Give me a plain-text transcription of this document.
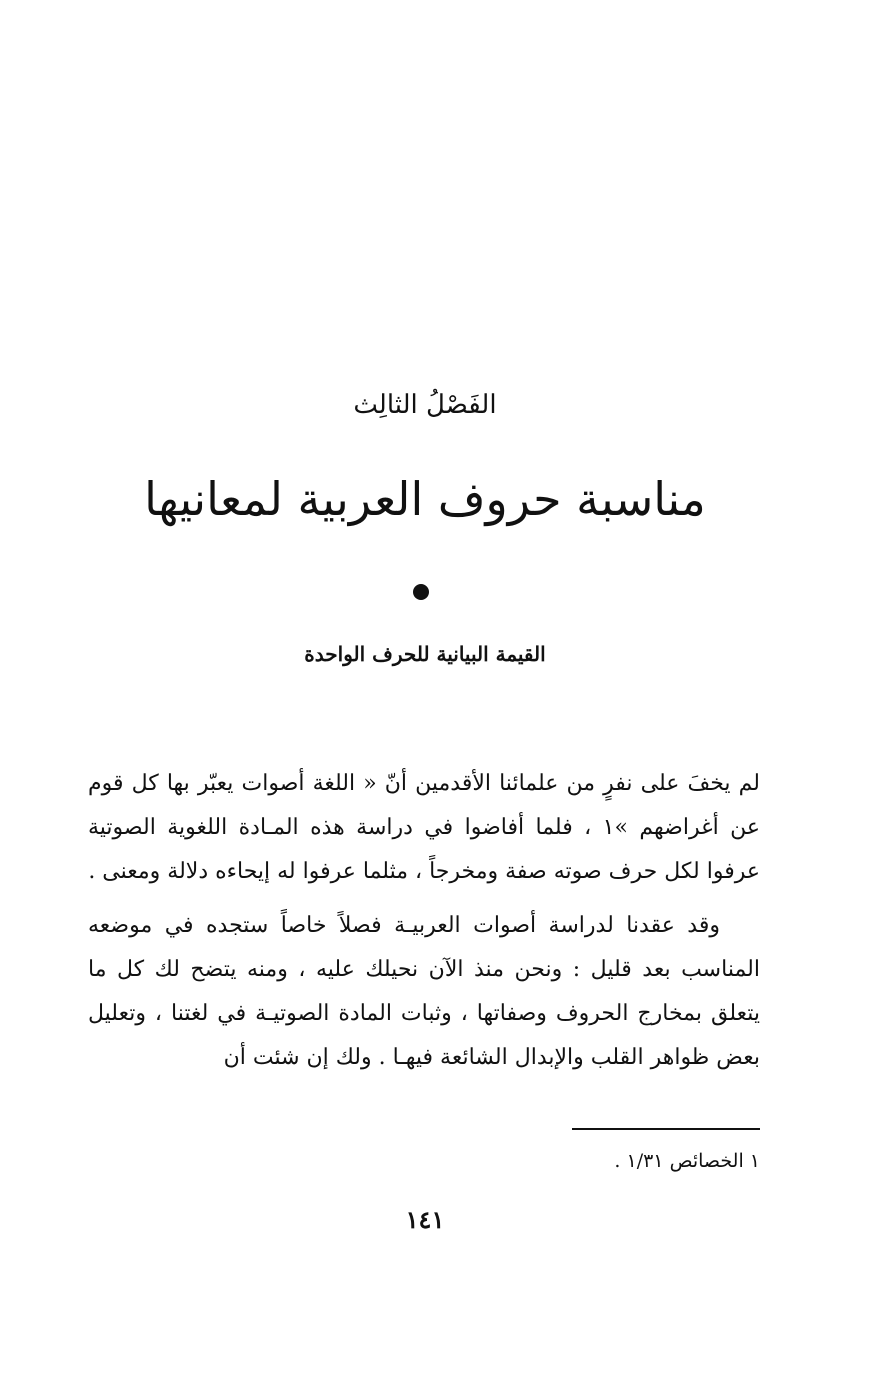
الفَصْلُ الثالِث
مناسبة حروف العربية لمعانيها
القيمة البيانية للحرف الواحدة

لم يخفَ على نفرٍ من علمائنا الأقدمين أنّ « اللغة أصوات يعبّر بها كل قوم عن أغراضهم »١ ، فلما أفاضوا في دراسة هذه المـادة اللغوية الصوتية عرفوا لكل حرف صوته صفة ومخرجاً ، مثلما عرفوا له إيحاءه دلالة ومعنى .

وقد عقدنا لدراسة أصوات العربيـة فصلاً خاصاً ستجده في موضعه المناسب بعد قليل : ونحن منذ الآن نحيلك عليه ، ومنه يتضح لك كل ما يتعلق بمخارج الحروف وصفاتها ، وثبات المادة الصوتيـة في لغتنا ، وتعليل بعض ظواهر القلب والإبدال الشائعة فيهـا . ولك إن شئت أن

١ الخصائص ١/٣١ .
١٤١
